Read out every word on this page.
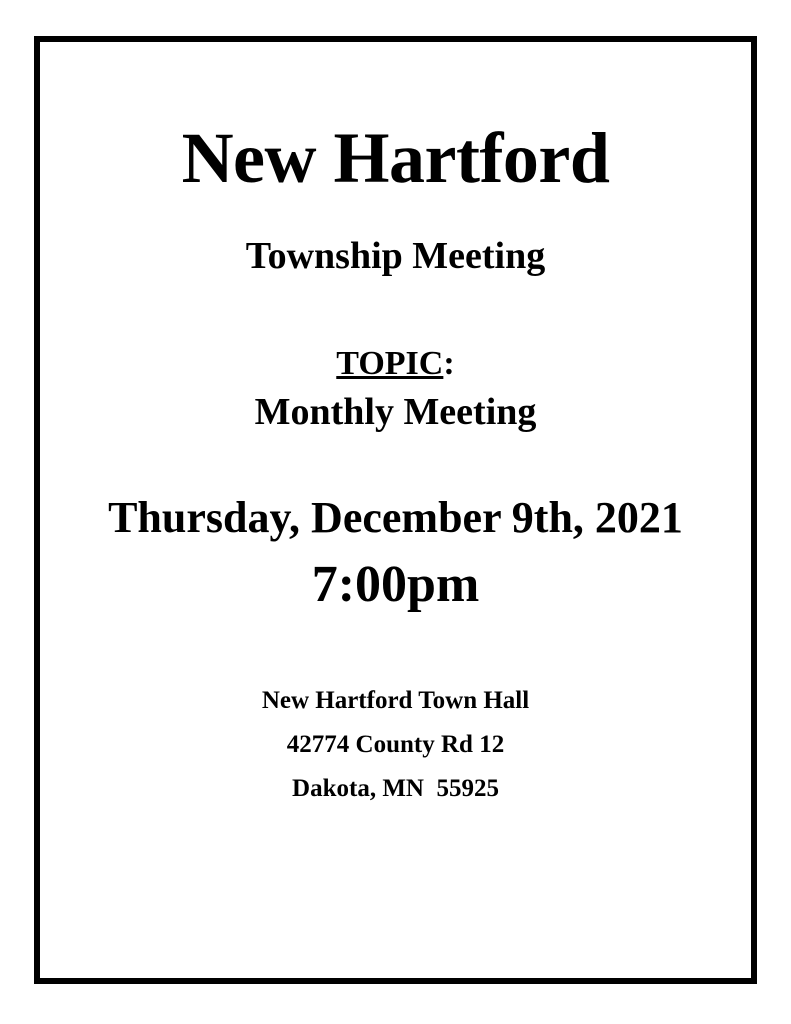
New Hartford
Township Meeting
TOPIC:
Monthly Meeting
Thursday, December 9th, 2021
7:00pm
New Hartford Town Hall
42774 County Rd 12
Dakota, MN  55925
